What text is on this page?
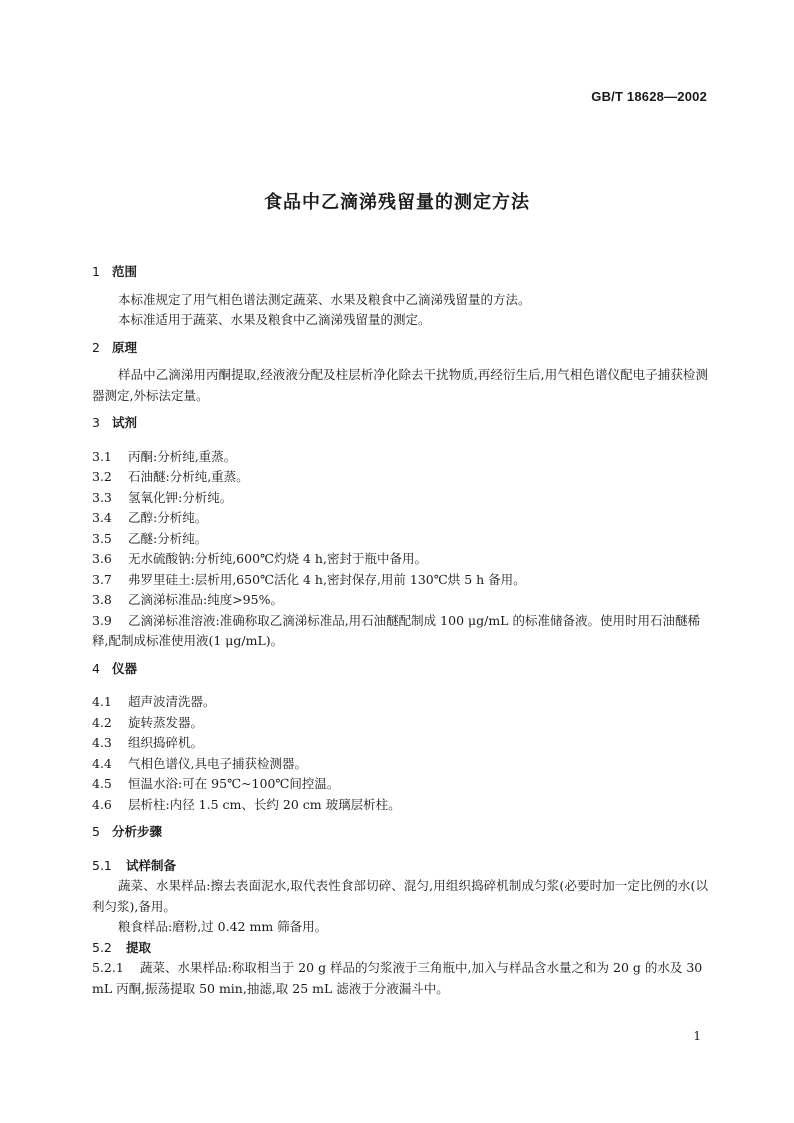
GB/T 18628—2002
食品中乙滴涕残留量的测定方法
1 范围

本标准规定了用气相色谱法测定蔬菜、水果及粮食中乙滴涕残留量的方法。

本标准适用于蔬菜、水果及粮食中乙滴涕残留量的测定。

2 原理

样品中乙滴涕用丙酮提取,经液液分配及柱层析净化除去干扰物质,再经衍生后,用气相色谱仪配电子捕获检测器测定,外标法定量。

3 试剂
3.1	丙酮:分析纯,重蒸。
3.2	石油醚:分析纯,重蒸。
3.3	氢氧化钾:分析纯。
3.4	乙醇:分析纯。
3.5	乙醚:分析纯。
3.6	无水硫酸钠:分析纯,600℃灼烧 4 h,密封于瓶中备用。
3.7	弗罗里硅土:层析用,650℃活化 4 h,密封保存,用前 130℃烘 5 h 备用。
3.8	乙滴涕标准品:纯度>95%。
3.9 乙滴涕标准溶液:准确称取乙滴涕标准品,用石油醚配制成 100 μg/mL 的标准储备液。使用时用石油醚稀释,配制成标准使用液(1 μg/mL)。
4 仪器
4.1	超声波清洗器。
4.2	旋转蒸发器。
4.3	组织捣碎机。
4.4	气相色谱仪,具电子捕获检测器。
4.5	恒温水浴:可在 95℃~100℃间控温。
4.6	层析柱:内径 1.5 cm、长约 20 cm 玻璃层析柱。
5 分析步骤
5.1	试样制备

蔬菜、水果样品:擦去表面泥水,取代表性食部切碎、混匀,用组织捣碎机制成匀浆(必要时加一定比例的水(以利匀浆),备用。

粮食样品:磨粉,过 0.42 mm 筛备用。

5.2	提取
5.2.1 蔬菜、水果样品:称取相当于 20 g 样品的匀浆液于三角瓶中,加入与样品含水量之和为 20 g 的水及 30 mL 丙酮,振荡提取 50 min,抽滤,取 25 mL 滤液于分液漏斗中。
1
